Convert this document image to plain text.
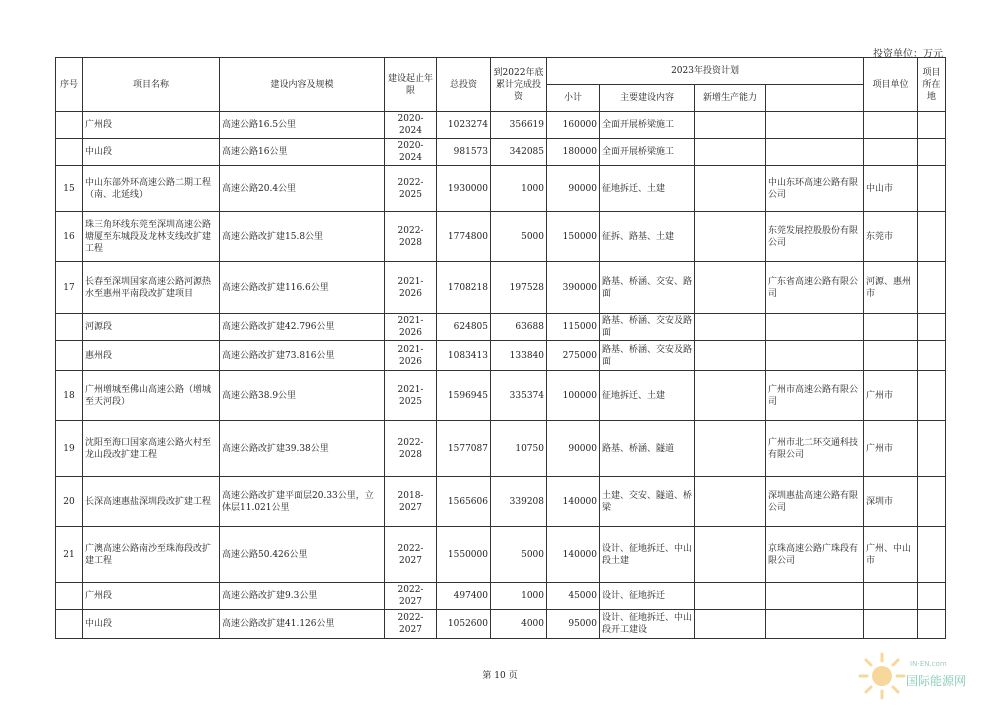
投资单位：万元
序号	项目名称	建设内容及规模	建设起止年限	总投资	到2022年底累计完成投资	2023年投资计划				项目单位	项目所在地	
						小计	主要建设内容	新增生产能力				
	广州段	高速公路16.5公里	2020-2024	1023274	356619	160000	全面开展桥梁施工					
	中山段	高速公路16公里	2020-2024	981573	342085	180000	全面开展桥梁施工					
15	中山东部外环高速公路二期工程（南、北延线）	高速公路20.4公里	2022-2025	1930000	1000	90000	征地拆迁、土建		中山东环高速公路有限公司	中山市		
16	珠三角环线东莞至深圳高速公路塘厦至东城段及龙林支线改扩建工程	高速公路改扩建15.8公里	2022-2028	1774800	5000	150000	征拆、路基、土建		东莞发展控股股份有限公司	东莞市		
17	长春至深圳国家高速公路河源热水至惠州平南段改扩建项目	高速公路改扩建116.6公里	2021-2026	1708218	197528	390000	路基、桥涵、交安、路面		广东省高速公路有限公司	河源、惠州市		
	河源段	高速公路改扩建42.796公里	2021-2026	624805	63688	115000	路基、桥涵、交安及路面					
	惠州段	高速公路改扩建73.816公里	2021-2026	1083413	133840	275000	路基、桥涵、交安及路面					
18	广州增城至佛山高速公路（增城至天河段）	高速公路38.9公里	2021-2025	1596945	335374	100000	征地拆迁、土建		广州市高速公路有限公司	广州市		
19	沈阳至海口国家高速公路火村至龙山段改扩建工程	高速公路改扩建39.38公里	2022-2028	1577087	10750	90000	路基、桥涵、隧道		广州市北二环交通科技有限公司	广州市		
20	长深高速惠盐深圳段改扩建工程	高速公路改扩建平面层20.33公里，立体层11.021公里	2018-2027	1565606	339208	140000	土建、交安、隧道、桥梁		深圳惠盐高速公路有限公司	深圳市		
21	广澳高速公路南沙至珠海段改扩建工程	高速公路50.426公里	2022-2027	1550000	5000	140000	设计、征地拆迁、中山段土建		京珠高速公路广珠段有限公司	广州、中山市		
	广州段	高速公路改扩建9.3公里	2022-2027	497400	1000	45000	设计、征地拆迁					
	中山段	高速公路改扩建41.126公里	2022-2027	1052600	4000	95000	设计、征地拆迁、中山段开工建设					
第 10 页
IN-EN.com
国际能源网
